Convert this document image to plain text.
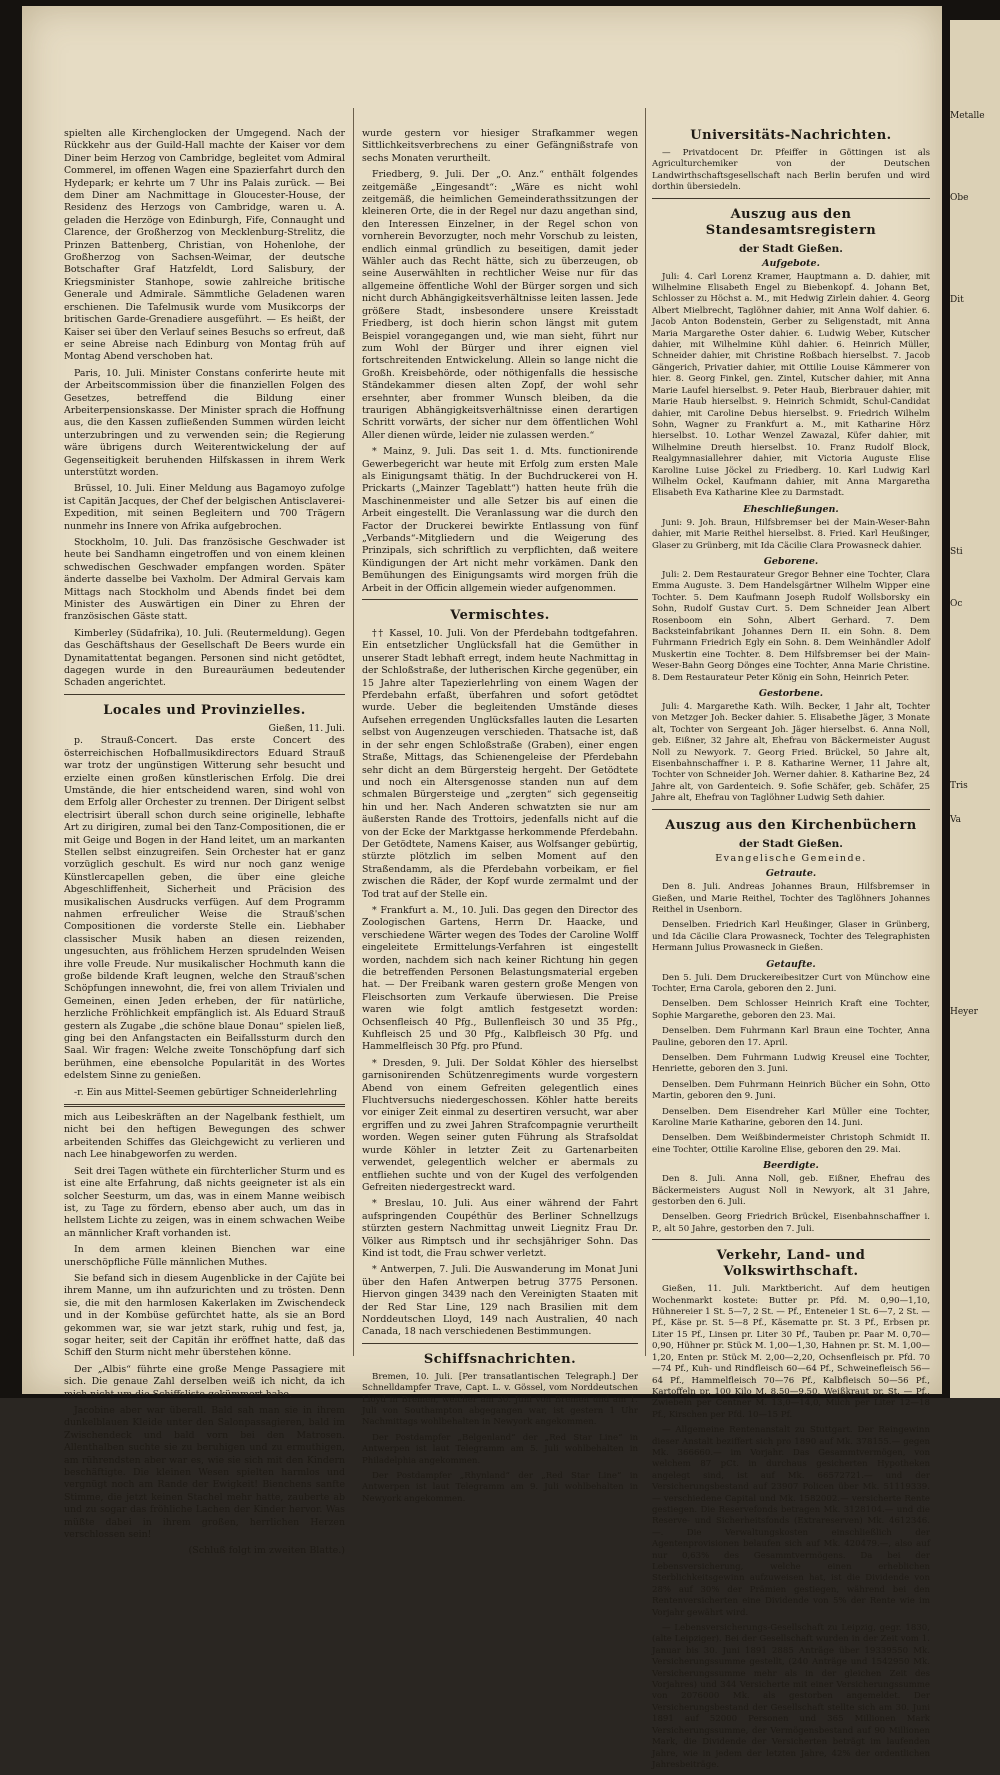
spielten alle Kirchenglocken der Umgegend. Nach der Rückkehr aus der Guild-Hall machte der Kaiser vor dem Diner beim Herzog von Cambridge, begleitet vom Admiral Commerel, im offenen Wagen eine Spazierfahrt durch den Hydepark; er kehrte um 7 Uhr ins Palais zurück. — Bei dem Diner am Nachmittage in Gloucester-House, der Residenz des Herzogs von Cambridge, waren u. A. geladen die Herzöge von Edinburgh, Fife, Connaught und Clarence, der Großherzog von Mecklenburg-Strelitz, die Prinzen Battenberg, Christian, von Hohenlohe, der Großherzog von Sachsen-Weimar, der deutsche Botschafter Graf Hatzfeldt, Lord Salisbury, der Kriegsminister Stanhope, sowie zahlreiche britische Generale und Admirale. Sämmtliche Geladenen waren erschienen. Die Tafelmusik wurde vom Musikcorps der britischen Garde-Grenadiere ausgeführt. — Es heißt, der Kaiser sei über den Verlauf seines Besuchs so erfreut, daß er seine Abreise nach Edinburg von Montag früh auf Montag Abend verschoben hat.

Paris, 10. Juli. Minister Constans conferirte heute mit der Arbeitscommission über die finanziellen Folgen des Gesetzes, betreffend die Bildung einer Arbeiterpensionskasse. Der Minister sprach die Hoffnung aus, die den Kassen zufließenden Summen würden leicht unterzubringen und zu verwenden sein; die Regierung wäre übrigens durch Weiterentwickelung der auf Gegenseitigkeit beruhenden Hilfskassen in ihrem Werk unterstützt worden.

Brüssel, 10. Juli. Einer Meldung aus Bagamoyo zufolge ist Capitän Jacques, der Chef der belgischen Antisclaverei-Expedition, mit seinen Begleitern und 700 Trägern nunmehr ins Innere von Afrika aufgebrochen.

Stockholm, 10. Juli. Das französische Geschwader ist heute bei Sandhamn eingetroffen und von einem kleinen schwedischen Geschwader empfangen worden. Später änderte dasselbe bei Vaxholm. Der Admiral Gervais kam Mittags nach Stockholm und Abends findet bei dem Minister des Auswärtigen ein Diner zu Ehren der französischen Gäste statt.

Kimberley (Südafrika), 10. Juli. (Reutermeldung). Gegen das Geschäftshaus der Gesellschaft De Beers wurde ein Dynamitattentat begangen. Personen sind nicht getödtet, dagegen wurde in den Bureauräumen bedeutender Schaden angerichtet.

Locales und Provinzielles.
Gießen, 11. Juli.

p. Strauß-Concert. Das erste Concert des österreichischen Hofballmusikdirectors Eduard Strauß war trotz der ungünstigen Witterung sehr besucht und erzielte einen großen künstlerischen Erfolg. Die drei Umstände, die hier entscheidend waren, sind wohl von dem Erfolg aller Orchester zu trennen. Der Dirigent selbst electrisirt überall schon durch seine originelle, lebhafte Art zu dirigiren, zumal bei den Tanz-Compositionen, die er mit Geige und Bogen in der Hand leitet, um an markanten Stellen selbst einzugreifen. Sein Orchester hat er ganz vorzüglich geschult. Es wird nur noch ganz wenige Künstlercapellen geben, die über eine gleiche Abgeschliffenheit, Sicherheit und Präcision des musikalischen Ausdrucks verfügen. Auf dem Programm nahmen erfreulicher Weise die Strauß'schen Compositionen die vorderste Stelle ein. Liebhaber classischer Musik haben an diesen reizenden, ungesuchten, aus fröhlichem Herzen sprudelnden Weisen ihre volle Freude. Nur musikalischer Hochmuth kann die große bildende Kraft leugnen, welche den Strauß'schen Schöpfungen innewohnt, die, frei von allem Trivialen und Gemeinen, einen Jeden erheben, der für natürliche, herzliche Fröhlichkeit empfänglich ist. Als Eduard Strauß gestern als Zugabe „die schöne blaue Donau“ spielen ließ, ging bei den Anfangstacten ein Beifallssturm durch den Saal. Wir fragen: Welche zweite Tonschöpfung darf sich berühmen, eine ebensolche Popularität in des Wortes edelstem Sinne zu genießen.

-r. Ein aus Mittel-Seemen gebürtiger Schneiderlehrling

mich aus Leibeskräften an der Nagelbank festhielt, um nicht bei den heftigen Bewegungen des schwer arbeitenden Schiffes das Gleichgewicht zu verlieren und nach Lee hinabgeworfen zu werden.

Seit drei Tagen wüthete ein fürchterlicher Sturm und es ist eine alte Erfahrung, daß nichts geeigneter ist als ein solcher Seesturm, um das, was in einem Manne weibisch ist, zu Tage zu fördern, ebenso aber auch, um das in hellstem Lichte zu zeigen, was in einem schwachen Weibe an männlicher Kraft vorhanden ist.

In dem armen kleinen Bienchen war eine unerschöpfliche Fülle männlichen Muthes.

Sie befand sich in diesem Augenblicke in der Cajüte bei ihrem Manne, um ihn aufzurichten und zu trösten. Denn sie, die mit den harmlosen Kakerlaken im Zwischendeck und in der Kombüse gefürchtet hatte, als sie an Bord gekommen war, sie war jetzt stark, ruhig und fest, ja, sogar heiter, seit der Capitän ihr eröffnet hatte, daß das Schiff den Sturm nicht mehr überstehen könne.

Der „Albis“ führte eine große Menge Passagiere mit sich. Die genaue Zahl derselben weiß ich nicht, da ich mich nicht um die Schiffsliste gekümmert habe.

Jacobine aber war überall. Bald sah man sie in ihrem dunkelblauen Kleide unter den Salonpassagieren, bald im Zwischendeck und bald vorn bei den Matrosen. Allenthalben suchte sie zu beruhigen und zu ermuthigen, am rührendsten aber war es, wie sie sich mit den Kindern beschäftigte. Die kleinen Wesen spielten harmlos und vergnügt noch am Rande der Ewigkeit! Bienchens sanfte Stimme, die jetzt keinen Stachel mehr hatte, zauberte ab und zu sogar das fröhliche Lachen der Kinder hervor. Was müßte dabei in ihrem großen, herrlichen Herzen verschlossen sein!

(Schluß folgt im zweiten Blatte.)

wurde gestern vor hiesiger Strafkammer wegen Sittlichkeitsverbrechens zu einer Gefängnißstrafe von sechs Monaten verurtheilt.

Friedberg, 9. Juli. Der „O. Anz.“ enthält folgendes zeitgemäße „Eingesandt“: „Wäre es nicht wohl zeitgemäß, die heimlichen Gemeinderathssitzungen der kleineren Orte, die in der Regel nur dazu angethan sind, den Interessen Einzelner, in der Regel schon von vornherein Bevorzugter, noch mehr Vorschub zu leisten, endlich einmal gründlich zu beseitigen, damit jeder Wähler auch das Recht hätte, sich zu überzeugen, ob seine Auserwählten in rechtlicher Weise nur für das allgemeine öffentliche Wohl der Bürger sorgen und sich nicht durch Abhängigkeitsverhältnisse leiten lassen. Jede größere Stadt, insbesondere unsere Kreisstadt Friedberg, ist doch hierin schon längst mit gutem Beispiel vorangegangen und, wie man sieht, führt nur zum Wohl der Bürger und ihrer eignen viel fortschreitenden Entwickelung. Allein so lange nicht die Großh. Kreisbehörde, oder nöthigenfalls die hessische Ständekammer diesen alten Zopf, der wohl sehr ersehnter, aber frommer Wunsch bleiben, da die traurigen Abhängigkeitsverhältnisse einen derartigen Schritt vorwärts, der sicher nur dem öffentlichen Wohl Aller dienen würde, leider nie zulassen werden.“

* Mainz, 9. Juli. Das seit 1. d. Mts. functionirende Gewerbegericht war heute mit Erfolg zum ersten Male als Einigungsamt thätig. In der Buchdruckerei von H. Prickarts („Mainzer Tageblatt“) hatten heute früh die Maschinenmeister und alle Setzer bis auf einen die Arbeit eingestellt. Die Veranlassung war die durch den Factor der Druckerei bewirkte Entlassung von fünf „Verbands“-Mitgliedern und die Weigerung des Prinzipals, sich schriftlich zu verpflichten, daß weitere Kündigungen der Art nicht mehr vorkämen. Dank den Bemühungen des Einigungsamts wird morgen früh die Arbeit in der Officin allgemein wieder aufgenommen.

Vermischtes.

†† Kassel, 10. Juli. Von der Pferdebahn todtgefahren. Ein entsetzlicher Unglücksfall hat die Gemüther in unserer Stadt lebhaft erregt, indem heute Nachmittag in der Schloßstraße, der lutherischen Kirche gegenüber, ein 15 Jahre alter Tapezierlehrling von einem Wagen der Pferdebahn erfaßt, überfahren und sofort getödtet wurde. Ueber die begleitenden Umstände dieses Aufsehen erregenden Unglücksfalles lauten die Lesarten selbst von Augenzeugen verschieden. Thatsache ist, daß in der sehr engen Schloßstraße (Graben), einer engen Straße, Mittags, das Schienengeleise der Pferdebahn sehr dicht an dem Bürgersteig hergeht. Der Getödtete und noch ein Altersgenosse standen nun auf dem schmalen Bürgersteige und „zergten“ sich gegenseitig hin und her. Nach Anderen schwatzten sie nur am äußersten Rande des Trottoirs, jedenfalls nicht auf die von der Ecke der Marktgasse herkommende Pferdebahn. Der Getödtete, Namens Kaiser, aus Wolfsanger gebürtig, stürzte plötzlich im selben Moment auf den Straßendamm, als die Pferdebahn vorbeikam, er fiel zwischen die Räder, der Kopf wurde zermalmt und der Tod trat auf der Stelle ein.

* Frankfurt a. M., 10. Juli. Das gegen den Director des Zoologischen Gartens, Herrn Dr. Haacke, und verschiedene Wärter wegen des Todes der Caroline Wolff eingeleitete Ermittelungs-Verfahren ist eingestellt worden, nachdem sich nach keiner Richtung hin gegen die betreffenden Personen Belastungsmaterial ergeben hat. — Der Freibank waren gestern große Mengen von Fleischsorten zum Verkaufe überwiesen. Die Preise waren wie folgt amtlich festgesetzt worden: Ochsenfleisch 40 Pfg., Bullenfleisch 30 und 35 Pfg., Kuhfleisch 25 und 30 Pfg., Kalbfleisch 30 Pfg. und Hammelfleisch 30 Pfg. pro Pfund.

* Dresden, 9. Juli. Der Soldat Köhler des hierselbst garnisonirenden Schützenregiments wurde vorgestern Abend von einem Gefreiten gelegentlich eines Fluchtversuchs niedergeschossen. Köhler hatte bereits vor einiger Zeit einmal zu desertiren versucht, war aber ergriffen und zu zwei Jahren Strafcompagnie verurtheilt worden. Wegen seiner guten Führung als Strafsoldat wurde Köhler in letzter Zeit zu Gartenarbeiten verwendet, gelegentlich welcher er abermals zu entfliehen suchte und von der Kugel des verfolgenden Gefreiten niedergestreckt ward.

* Breslau, 10. Juli. Aus einer während der Fahrt aufspringenden Coupéthür des Berliner Schnellzugs stürzten gestern Nachmittag unweit Liegnitz Frau Dr. Völker aus Rimptsch und ihr sechsjähriger Sohn. Das Kind ist todt, die Frau schwer verletzt.

* Antwerpen, 7. Juli. Die Auswanderung im Monat Juni über den Hafen Antwerpen betrug 3775 Personen. Hiervon gingen 3439 nach den Vereinigten Staaten mit der Red Star Line, 129 nach Brasilien mit dem Norddeutschen Lloyd, 149 nach Australien, 40 nach Canada, 18 nach verschiedenen Bestimmungen.

Schiffsnachrichten.

Bremen, 10. Juli. [Per transatlantischen Telegraph.] Der Schnelldampfer Trave, Capt. L. v. Gössel, vom Norddeutschen Lloyd in Bremen, welcher am 30. Juni von Bremen und am 1. Juli von Southampton abgegangen war, ist gestern 1 Uhr Nachmittags wohlbehalten in Newyork angekommen.

Der Postdampfer „Belgenland“ der „Red Star Line“ in Antwerpen ist laut Telegramm am 5. Juli wohlbehalten in Philadelphia angekommen.

Der Postdampfer „Rhynland“ der „Red Star Line“ in Antwerpen ist laut Telegramm am 9. Juli wohlbehalten in Newyork angekommen.

Universitäts-Nachrichten.

— Privatdocent Dr. Pfeiffer in Göttingen ist als Agriculturchemiker von der Deutschen Landwirthschaftsgesellschaft nach Berlin berufen und wird dorthin übersiedeln.

Auszug aus den Standesamtsregistern
der Stadt Gießen.
Aufgebote.

Juli: 4. Carl Lorenz Kramer, Hauptmann a. D. dahier, mit Wilhelmine Elisabeth Engel zu Biebenkopf. 4. Johann Bet, Schlosser zu Höchst a. M., mit Hedwig Zirlein dahier. 4. Georg Albert Mielbrecht, Taglöhner dahier, mit Anna Wolf dahier. 6. Jacob Anton Bodenstein, Gerber zu Seligenstadt, mit Anna Maria Margarethe Oster dahier. 6. Ludwig Weber, Kutscher dahier, mit Wilhelmine Kühl dahier. 6. Heinrich Müller, Schneider dahier, mit Christine Roßbach hierselbst. 7. Jacob Gängerich, Privatier dahier, mit Ottilie Louise Kämmerer von hier. 8. Georg Finkel, gen. Zintel, Kutscher dahier, mit Anna Marie Laufel hierselbst. 9. Peter Haub, Bierbrauer dahier, mit Marie Haub hierselbst. 9. Heinrich Schmidt, Schul-Candidat dahier, mit Caroline Debus hierselbst. 9. Friedrich Wilhelm Sohn, Wagner zu Frankfurt a. M., mit Katharine Hörz hierselbst. 10. Lothar Wenzel Zawazal, Küfer dahier, mit Wilhelmine Dreuth hierselbst. 10. Franz Rudolf Block, Realgymnasiallehrer dahier, mit Victoria Auguste Elise Karoline Luise Jöckel zu Friedberg. 10. Karl Ludwig Karl Wilhelm Ockel, Kaufmann dahier, mit Anna Margaretha Elisabeth Eva Katharine Klee zu Darmstadt.

Eheschließungen.

Juni: 9. Joh. Braun, Hilfsbremser bei der Main-Weser-Bahn dahier, mit Marie Reithel hierselbst. 8. Fried. Karl Heußinger, Glaser zu Grünberg, mit Ida Cäcilie Clara Prowasneck dahier.

Geborene.

Juli: 2. Dem Restaurateur Gregor Behner eine Tochter, Clara Emma Auguste. 3. Dem Handelsgärtner Wilhelm Wipper eine Tochter. 5. Dem Kaufmann Joseph Rudolf Wollsborsky ein Sohn, Rudolf Gustav Curt. 5. Dem Schneider Jean Albert Rosenboom ein Sohn, Albert Gerhard. 7. Dem Backsteinfabrikant Johannes Dern II. ein Sohn. 8. Dem Fuhrmann Friedrich Egly ein Sohn. 8. Dem Weinhändler Adolf Muskertin eine Tochter. 8. Dem Hilfsbremser bei der Main-Weser-Bahn Georg Dönges eine Tochter, Anna Marie Christine. 8. Dem Restaurateur Peter König ein Sohn, Heinrich Peter.

Gestorbene.

Juli: 4. Margarethe Kath. Wilh. Becker, 1 Jahr alt, Tochter von Metzger Joh. Becker dahier. 5. Elisabethe Jäger, 3 Monate alt, Tochter von Sergeant Joh. Jäger hierselbst. 6. Anna Noll, geb. Eißner, 32 Jahre alt, Ehefrau von Bäckermeister August Noll zu Newyork. 7. Georg Fried. Brückel, 50 Jahre alt, Eisenbahnschaffner i. P. 8. Katharine Werner, 11 Jahre alt, Tochter von Schneider Joh. Werner dahier. 8. Katharine Bez, 24 Jahre alt, von Gardenteich. 9. Sofie Schäfer, geb. Schäfer, 25 Jahre alt, Ehefrau von Taglöhner Ludwig Seth dahier.

Auszug aus den Kirchenbüchern
der Stadt Gießen.
Evangelische Gemeinde.
Getraute.

Den 8. Juli. Andreas Johannes Braun, Hilfsbremser in Gießen, und Marie Reithel, Tochter des Taglöhners Johannes Reithel in Usenborn.

Denselben. Friedrich Karl Heußinger, Glaser in Grünberg, und Ida Cäcilie Clara Prowasneck, Tochter des Telegraphisten Hermann Julius Prowasneck in Gießen.

Getaufte.

Den 5. Juli. Dem Druckereibesitzer Curt von Münchow eine Tochter, Erna Carola, geboren den 2. Juni.

Denselben. Dem Schlosser Heinrich Kraft eine Tochter, Sophie Margarethe, geboren den 23. Mai.

Denselben. Dem Fuhrmann Karl Braun eine Tochter, Anna Pauline, geboren den 17. April.

Denselben. Dem Fuhrmann Ludwig Kreusel eine Tochter, Henriette, geboren den 3. Juni.

Denselben. Dem Fuhrmann Heinrich Bücher ein Sohn, Otto Martin, geboren den 9. Juni.

Denselben. Dem Eisendreher Karl Müller eine Tochter, Karoline Marie Katharine, geboren den 14. Juni.

Denselben. Dem Weißbindermeister Christoph Schmidt II. eine Tochter, Ottilie Karoline Elise, geboren den 29. Mai.

Beerdigte.

Den 8. Juli. Anna Noll, geb. Eißner, Ehefrau des Bäckermeisters August Noll in Newyork, alt 31 Jahre, gestorben den 6. Juli.

Denselben. Georg Friedrich Brückel, Eisenbahnschaffner i. P., alt 50 Jahre, gestorben den 7. Juli.

Verkehr, Land- und Volkswirthschaft.

Gießen, 11. Juli. Marktbericht. Auf dem heutigen Wochenmarkt kostete: Butter pr. Pfd. M. 0,90—1,10, Hühnereier 1 St. 5—7, 2 St. — Pf., Enteneier 1 St. 6—7, 2 St. — Pf., Käse pr. St. 5—8 Pf., Käsematte pr. St. 3 Pf., Erbsen pr. Liter 15 Pf., Linsen pr. Liter 30 Pf., Tauben pr. Paar M. 0,70—0,90, Hühner pr. Stück M. 1,00—1,30, Hahnen pr. St. M. 1,00—1,20, Enten pr. Stück M. 2,00—2,20, Ochsenfleisch pr. Pfd. 70—74 Pf., Kuh- und Rindfleisch 60—64 Pf., Schweinefleisch 56—64 Pf., Hammelfleisch 70—76 Pf., Kalbfleisch 50—56 Pf., Kartoffeln pr. 100 Kilo M. 8,50—9,50, Weißkraut pr. St. — Pf., Zwiebeln per Centner M. 13,0—14,0, Milch per Liter 12—18 Pf., Kirschen per Pfd. 10—15 Pf.

— Allgemeine Rentenanstalt zu Stuttgart. Der Reingewinn dieser Anstalt beziffert sich pro 1890 auf Mk. 378155.— gegen Mk. 366660.— im Vorjahr. Das Gesammtvermögen, von welchem 87 pCt. in durchaus gesicherten Hypotheken angelegt sind, ist auf Mk. 66572721.— und der Versicherungsbestand auf 23907 Policen über Mk. 51119339.— verschiedene Capital und Mk. 1582002.— versicherte Rente gestiegen. Die Reservefonds betragen Mk. 3128104.— und die Reserve- und Sicherheitsfonds (Extrareserven) Mk. 4612346.—. Die Verwaltungskosten einschließlich der Agentenprovisionen belaufen sich auf Mk. 420479.—, also auf nur 0,63% des Gesammtvermögens. Da bei der Lebensversicherung, welche einen erheblichen Sterblichkeitsgewinn aufzuweisen hat, ist die Dividende von 28% auf 30% der Prämien gestiegen, während bei den Rentenversicherten eine Dividende von 5% der Rente wie im Vorjahr gewährt wird.

— Lebensversicherungs-Gesellschaft zu Leipzig, gegr. 1830, (alte Leipziger). Bei der Gesellschaft wurden in der Zeit vom 1. Januar bis 30. Juni 1891 2885 Anträge über 19339550 Mk. Versicherungssumme gestellt, (240 Anträge und 1542950 Mk. Versicherungssumme mehr als in der gleichen Zeit des Vorjahres) und 344 Versicherte mit einer Versicherungssumme von 2076000 Mk. als gestorben angemeldet. Der Versicherungsbestand der Gesellschaft stellte sich am 30. Juni 1891 auf 52000 Personen und 365 Millionen Mark Versicherungssumme, der Vermögensbestand auf 90 Millionen Mark, die Dividende der Versicherten beträgt im laufenden Jahre, wie in jedem der letzten Jahre, 42% der ordentlichen Jahresbeiträge.

Metalle
Obe
Dit
Sti
Oc
Tris
Va
Heyer
